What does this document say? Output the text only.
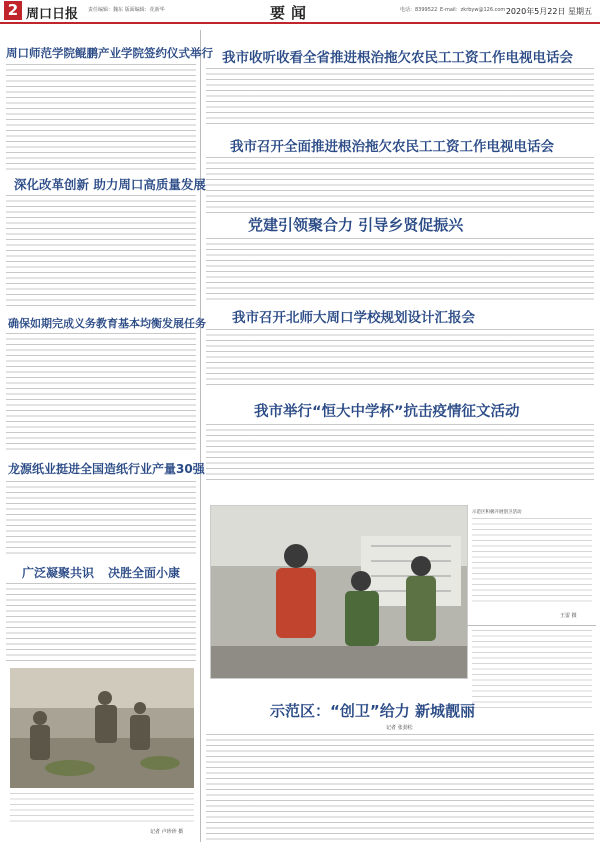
2 周口日报 责任编辑：魏东 版面编辑：花新华	要闻	电话：8399522 E-mail：zkrbyw@126.com 2020年5月22日 星期五
周口师范学院鲲鹏产业学院签约仪式举行
深化改革创新 助力周口高质量发展
确保如期完成义务教育基本均衡发展任务
龙源纸业挺进全国造纸行业产量30强
广泛凝聚共识 决胜全面小康
记者 卢珍珍 摄
我市收听收看全省推进根治拖欠农民工工资工作电视电话会
我市召开全面推进根治拖欠农民工工资工作电视电话会
党建引领聚合力 引导乡贤促振兴
我市召开北师大周口学校规划设计汇报会
我市举行“恒大中学杯”抗击疫情征文活动
示范区积极开展创卫活动
王雷 摄
示范区：“创卫”给力 新城靓丽
记者 张劲松
